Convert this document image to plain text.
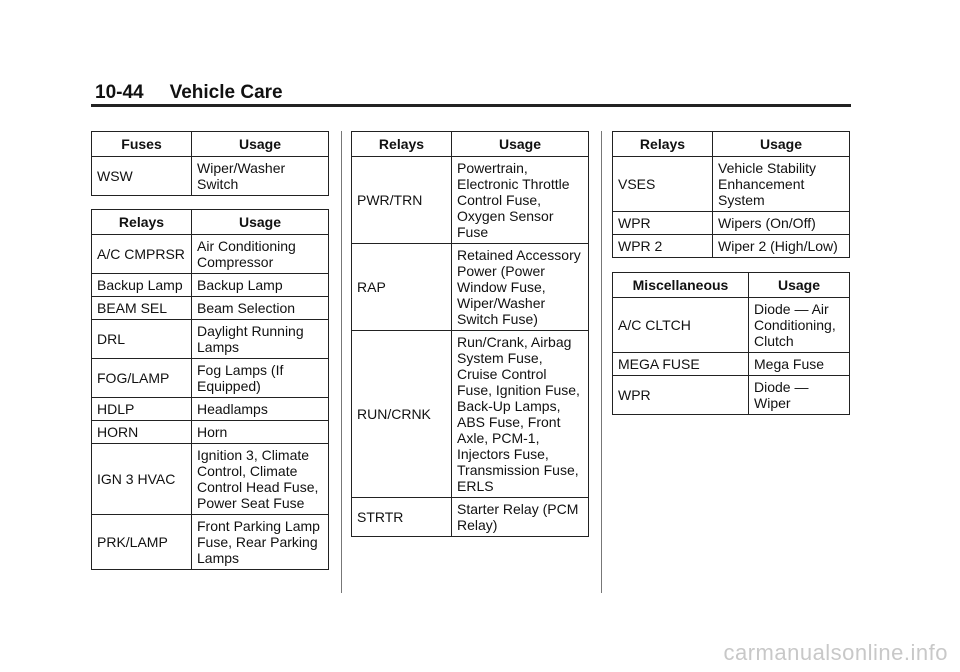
10-44 Vehicle Care
Fuses	Usage
WSW	Wiper/Washer Switch
Relays	Usage
A/C CMPRSR	Air Conditioning Compressor
Backup Lamp	Backup Lamp
BEAM SEL	Beam Selection
DRL	Daylight Running Lamps
FOG/LAMP	Fog Lamps (If Equipped)
HDLP	Headlamps
HORN	Horn
IGN 3 HVAC	Ignition 3, Climate Control, Climate Control Head Fuse, Power Seat Fuse
PRK/LAMP	Front Parking Lamp Fuse, Rear Parking Lamps
Relays	Usage
PWR/TRN	Powertrain, Electronic Throttle Control Fuse, Oxygen Sensor Fuse
RAP	Retained Accessory Power (Power Window Fuse, Wiper/Washer Switch Fuse)
RUN/CRNK	Run/Crank, Airbag System Fuse, Cruise Control Fuse, Ignition Fuse, Back-Up Lamps, ABS Fuse, Front Axle, PCM-1, Injectors Fuse, Transmission Fuse, ERLS
STRTR	Starter Relay (PCM Relay)
Relays	Usage
VSES	Vehicle Stability Enhancement System
WPR	Wipers (On/Off)
WPR 2	Wiper 2 (High/Low)
Miscellaneous	Usage
A/C CLTCH	Diode — Air Conditioning, Clutch
MEGA FUSE	Mega Fuse
WPR	Diode — Wiper
carmanualsonline.info
